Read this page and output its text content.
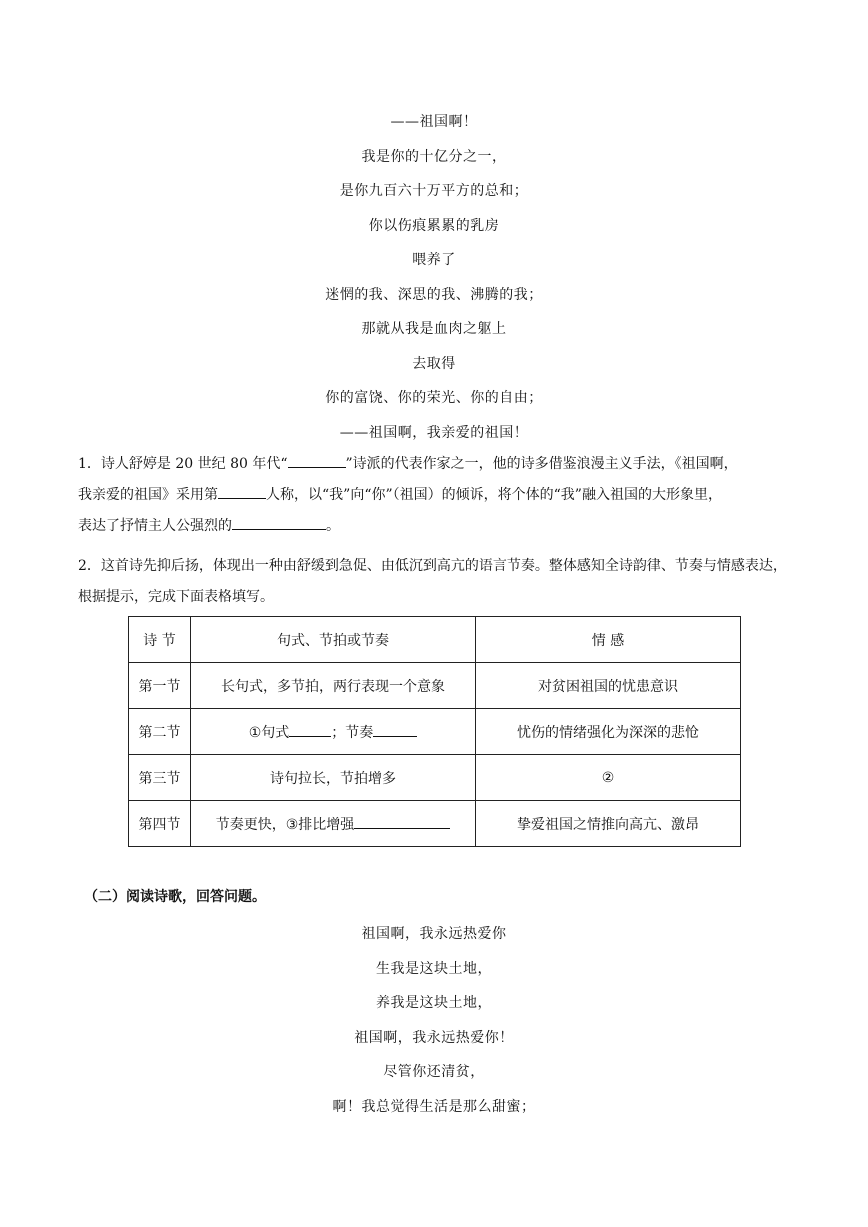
——祖国啊！
我是你的十亿分之一，
是你九百六十万平方的总和；
你以伤痕累累的乳房
喂养了
迷惘的我、深思的我、沸腾的我；
那就从我是血肉之躯上
去取得
你的富饶、你的荣光、你的自由；
——祖国啊，我亲爱的祖国！
1．诗人舒婷是 20 世纪 80 年代“	”诗派的代表作家之一，他的诗多借鉴浪漫主义手法，《祖国啊，
我亲爱的祖国》采用第	人称，以“我”向“你”（祖国）的倾诉，将个体的“我”融入祖国的大形象里，
表达了抒情主人公强烈的	。
2．这首诗先抑后扬，体现出一种由舒缓到急促、由低沉到高亢的语言节奏。整体感知全诗韵律、节奏与情感表达，根据提示，完成下面表格填写。
诗 节	句式、节拍或节奏	情 感
第一节	长句式，多节拍，两行表现一个意象	对贫困祖国的忧患意识
第二节	①句式 ；节奏	忧伤的情绪强化为深深的悲怆
第三节	诗句拉长，节拍增多	②
第四节	节奏更快，③排比增强	挚爱祖国之情推向高亢、激昂
（二）阅读诗歌，回答问题。
祖国啊，我永远热爱你
生我是这块土地，
养我是这块土地，
祖国啊，我永远热爱你！
尽管你还清贫，
啊！我总觉得生活是那么甜蜜；
